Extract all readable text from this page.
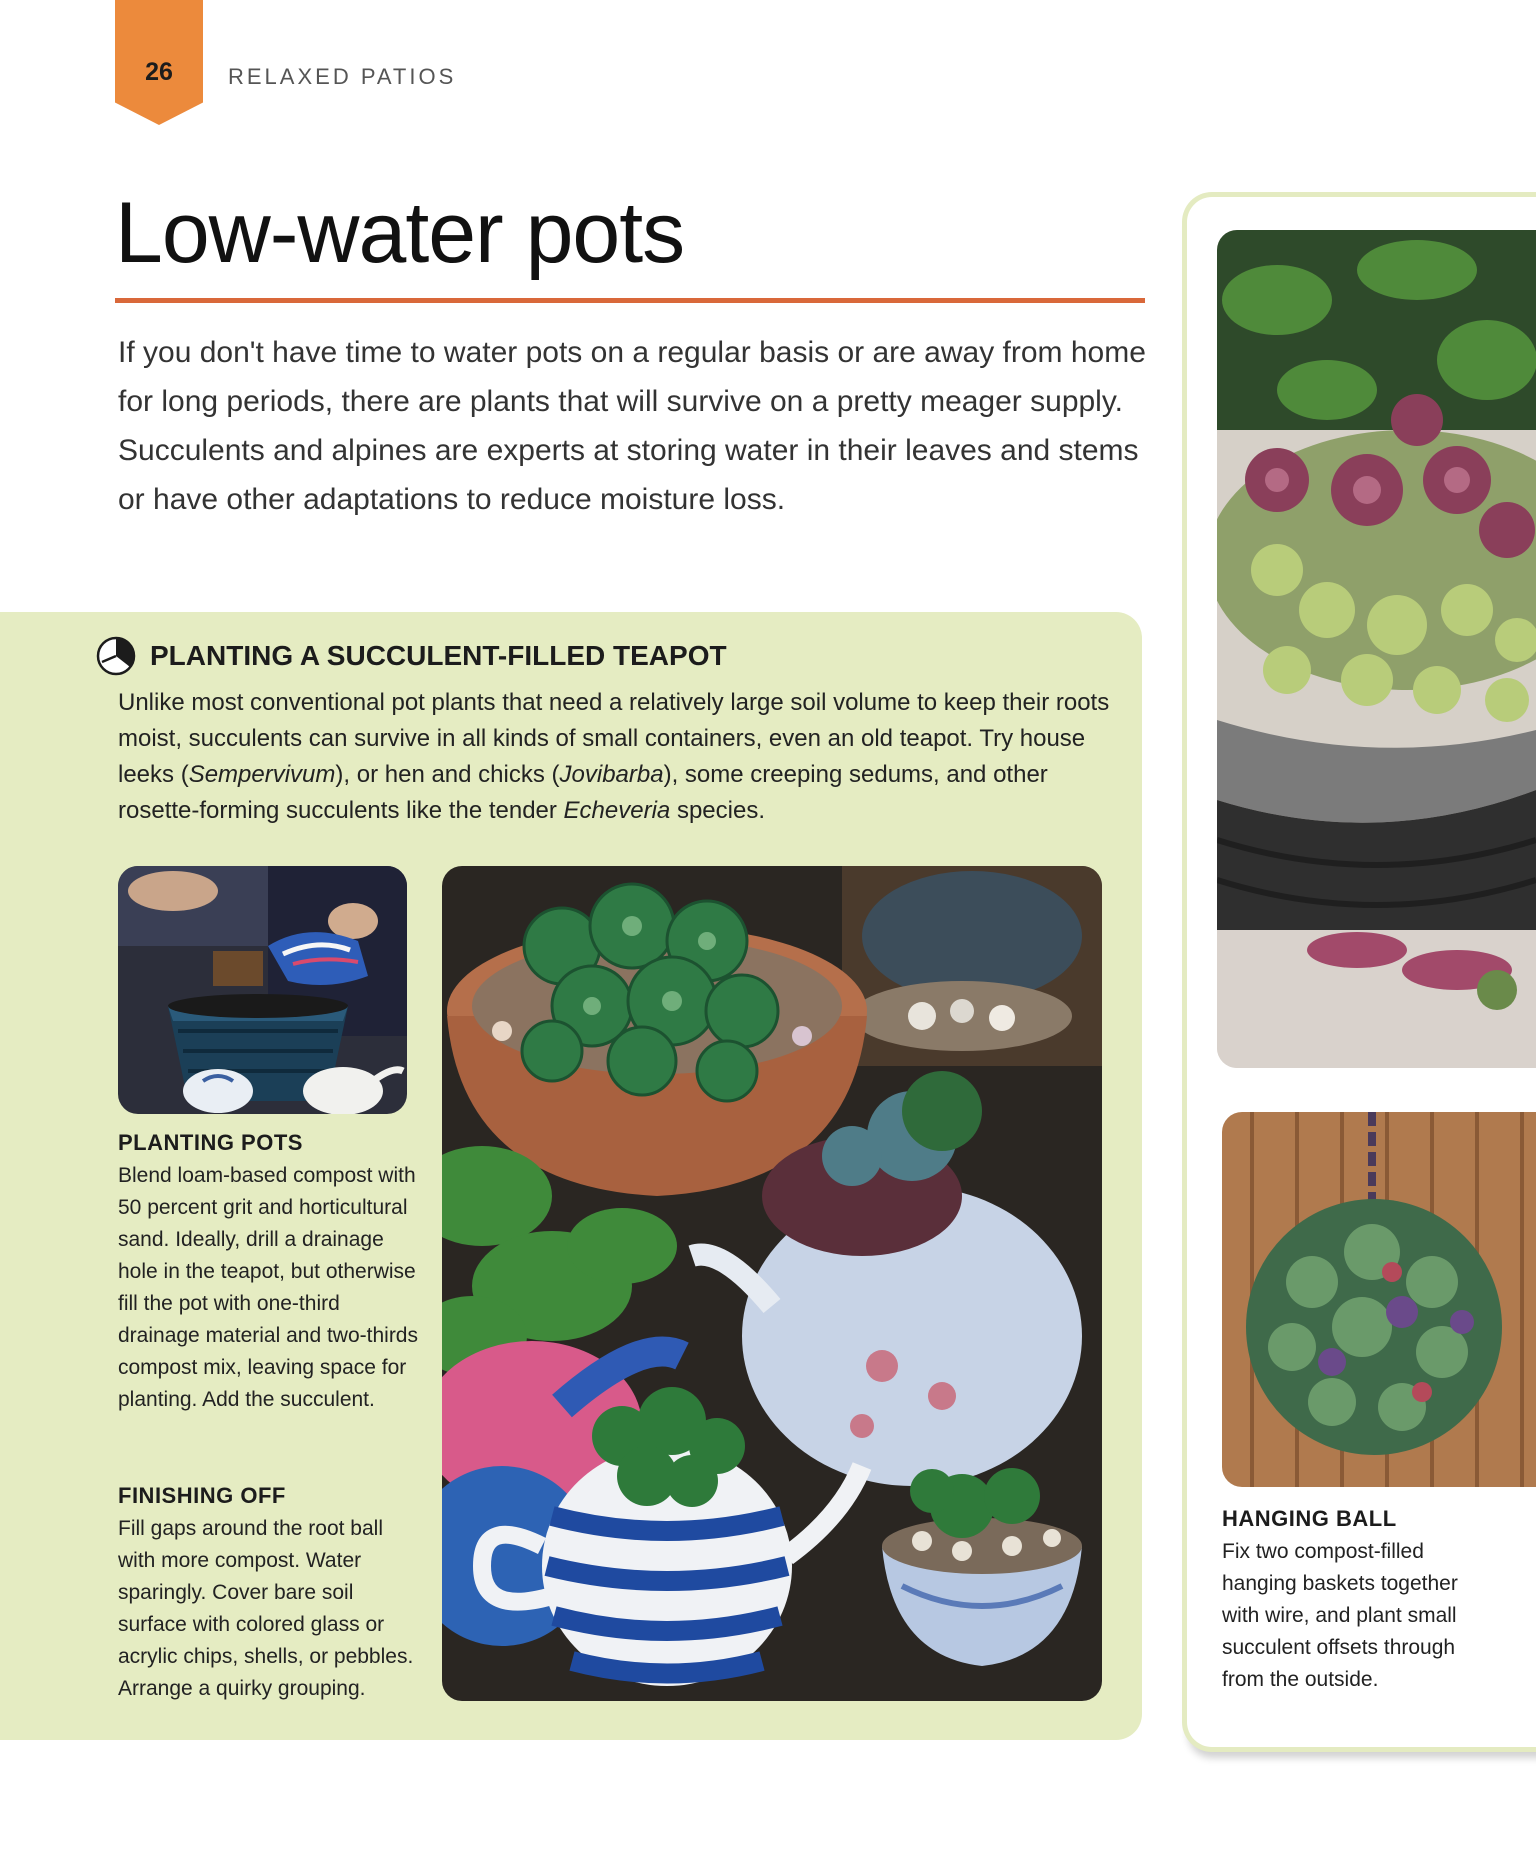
26	RELAXED PATIOS
Low-water pots

If you don't have time to water pots on a regular basis or are away from home for long periods, there are plants that will survive on a pretty meager supply. Succulents and alpines are experts at storing water in their leaves and stems or have other adaptations to reduce moisture loss.

PLANTING A SUCCULENT-FILLED TEAPOT

Unlike most conventional pot plants that need a relatively large soil volume to keep their roots moist, succulents can survive in all kinds of small containers, even an old teapot. Try house leeks (Sempervivum), or hen and chicks (Jovibarba), some creeping sedums, and other rosette-forming succulents like the tender Echeveria species.

PLANTING POTS

Blend loam-based compost with 50 percent grit and horticultural sand. Ideally, drill a drainage hole in the teapot, but otherwise fill the pot with one-third drainage material and two-thirds compost mix, leaving space for planting. Add the succulent.

FINISHING OFF

Fill gaps around the root ball with more compost. Water sparingly. Cover bare soil surface with colored glass or acrylic chips, shells, or pebbles. Arrange a quirky grouping.

HANGING BALL

Fix two compost-filled hanging baskets together with wire, and plant small succulent offsets through from the outside.
